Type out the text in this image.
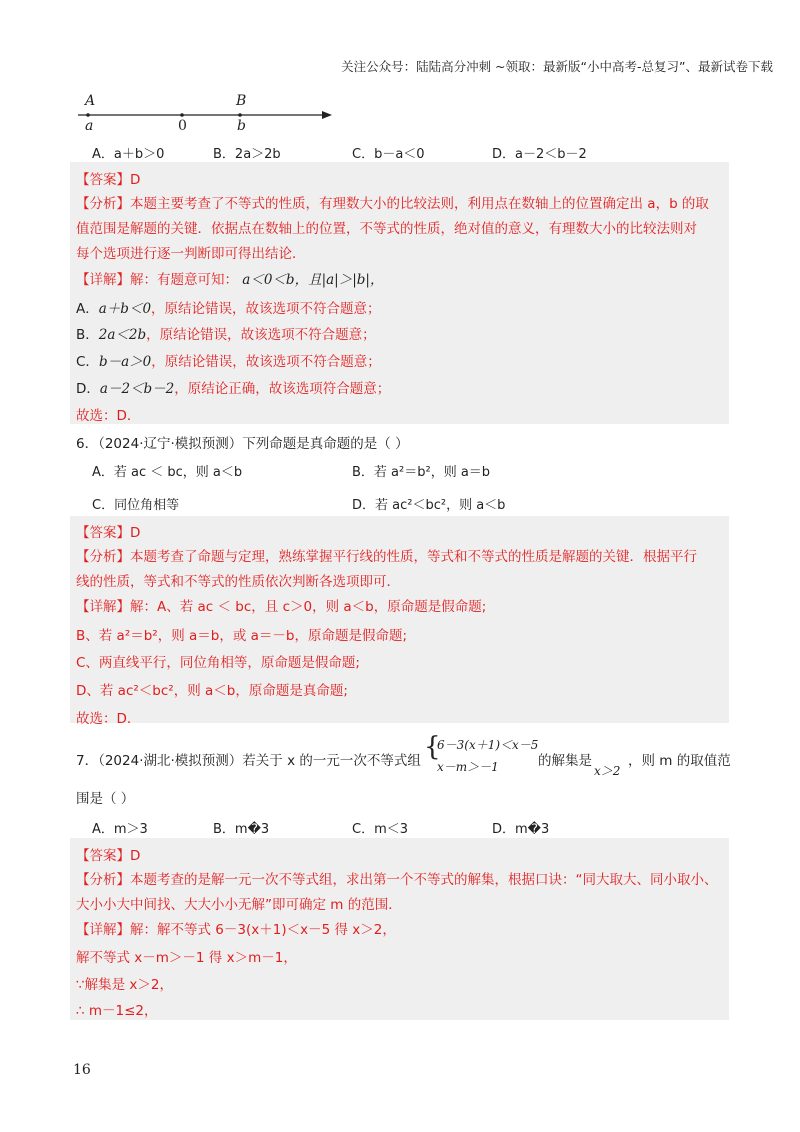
关注公众号：陆陆高分冲刺 ~领取：最新版“小中高考-总复习”、最新试卷下载
A	B
a	0	b
A．a＋b＞0	B．2a＞2b	C．b－a＜0	D．a－2＜b－2
【答案】D
【分析】本题主要考查了不等式的性质，有理数大小的比较法则，利用点在数轴上的位置确定出 a，b 的取
值范围是解题的关键．依据点在数轴上的位置，不等式的性质，绝对值的意义，有理数大小的比较法则对
每个选项进行逐一判断即可得出结论．
【详解】解：有题意可知： a＜0＜b，且|a|＞|b|，
A．a＋b＜0，原结论错误，故该选项不符合题意；
B．2a＜2b，原结论错误，故该选项不符合题意；
C．b－a＞0，原结论错误，故该选项不符合题意；
D．a－2＜b－2，原结论正确，故该选项符合题意；
故选：D．
6．（2024·辽宁·模拟预测）下列命题是真命题的是（ ）
A．若 ac ＜ bc，则 a＜b	B．若 a²＝b²，则 a＝b
C．同位角相等	D．若 ac²＜bc²，则 a＜b
【答案】D
【分析】本题考查了命题与定理，熟练掌握平行线的性质，等式和不等式的性质是解题的关键．根据平行
线的性质，等式和不等式的性质依次判断各选项即可．
【详解】解：A、若 ac ＜ bc，且 c＞0，则 a＜b，原命题是假命题;
B、若 a²＝b²，则 a＝b，或 a＝－b，原命题是假命题;
C、两直线平行，同位角相等，原命题是假命题;
D、若 ac²＜bc²，则 a＜b，原命题是真命题;
故选：D．
7．（2024·湖北·模拟预测）若关于 x 的一元一次不等式组 {
6－3(x＋1)＜x－5
x－m＞－1	的解集是
x＞2
，则 m 的取值范
围是（ ）
A．m＞3	B．m�3	C．m＜3	D．m�3
【答案】D
【分析】本题考查的是解一元一次不等式组，求出第一个不等式的解集，根据口诀：“同大取大、同小取小、
大小小大中间找、大大小小无解”即可确定 m 的范围．
【详解】解：解不等式 6－3(x＋1)＜x－5 得 x＞2，
解不等式 x－m＞－1 得 x＞m－1，
∵解集是 x＞2，
∴ m－1≤2，
16
